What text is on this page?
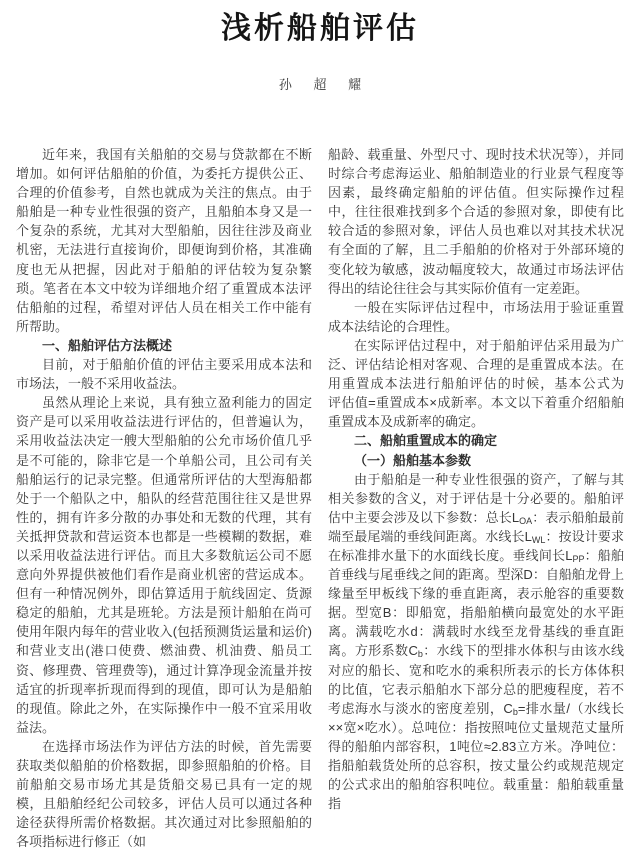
浅析船舶评估
孙 超 耀

近年来，我国有关船舶的交易与贷款都在不断增加。如何评估船舶的价值，为委托方提供公正、合理的价值参考，自然也就成为关注的焦点。由于船舶是一种专业性很强的资产，且船舶本身又是一个复杂的系统，尤其对大型船舶，因往往涉及商业机密，无法进行直接询价，即便询到价格，其准确度也无从把握，因此对于船舶的评估较为复杂繁琐。笔者在本文中较为详细地介绍了重置成本法评估船舶的过程，希望对评估人员在相关工作中能有所帮助。

一、船舶评估方法概述

目前，对于船舶价值的评估主要采用成本法和市场法，一般不采用收益法。

虽然从理论上来说，具有独立盈利能力的固定资产是可以采用收益法进行评估的，但普遍认为，采用收益法决定一艘大型船舶的公允市场价值几乎是不可能的，除非它是一个单船公司，且公司有关船舶运行的记录完整。但通常所评估的大型海船都处于一个船队之中，船队的经营范围往往又是世界性的，拥有许多分散的办事处和无数的代理，其有关抵押贷款和营运资本也都是一些模糊的数据，难以采用收益法进行评估。而且大多数航运公司不愿意向外界提供被他们看作是商业机密的营运成本。但有一种情况例外，即估算适用于航线固定、货源稳定的船舶，尤其是班轮。方法是预计船舶在尚可使用年限内每年的营业收入(包括预测货运量和运价)和营业支出(港口使费、燃油费、机油费、船员工资、修理费、管理费等)，通过计算净现金流量并按适宜的折现率折现而得到的现值，即可认为是船舶的现值。除此之外，在实际操作中一般不宜采用收益法。

在选择市场法作为评估方法的时候，首先需要获取类似船舶的价格数据，即参照船舶的价格。目前船舶交易市场尤其是货船交易已具有一定的规模，且船舶经纪公司较多，评估人员可以通过各种途径获得所需价格数据。其次通过对比参照船舶的各项指标进行修正（如

船龄、载重量、外型尺寸、现时技术状况等），并同时综合考虑海运业、船舶制造业的行业景气程度等因素，最终确定船舶的评估值。但实际操作过程中，往往很难找到多个合适的参照对象，即使有比较合适的参照对象，评估人员也难以对其技术状况有全面的了解，且二手船舶的价格对于外部环境的变化较为敏感，波动幅度较大，故通过市场法评估得出的结论往往会与其实际价值有一定差距。

一般在实际评估过程中，市场法用于验证重置成本法结论的合理性。

在实际评估过程中，对于船舶评估采用最为广泛、评估结论相对客观、合理的是重置成本法。在用重置成本法进行船舶评估的时候，基本公式为　评估值=重置成本×成新率。本文以下着重介绍船舶重置成本及成新率的确定。

二、船舶重置成本的确定

（一）船舶基本参数

由于船舶是一种专业性很强的资产，了解与其相关参数的含义，对于评估是十分必要的。船舶评估中主要会涉及以下参数：总长$L_{OA}$：表示船舶最前端至最尾端的垂线间距离。水线长$L_{WL}$：按设计要求在标准排水量下的水面线长度。垂线间长$L_{PP}$：船舶首垂线与尾垂线之间的距离。型深D：自船舶龙骨上缘量至甲板线下缘的垂直距离，表示舱容的重要数据。型宽B：即船宽，指船舶横向最宽处的水平距离。满载吃水d：满载时水线至龙骨基线的垂直距离。方形系数$C_b$：水线下的型排水体积与由该水线对应的船长、宽和吃水的乘积所表示的长方体体积的比值，它表示船舶水下部分总的肥瘦程度，若不考虑海水与淡水的密度差别，$C_b=$排水量/（水线长××宽×吃水）。总吨位：指按照吨位丈量规范丈量所得的船舶内部容积，1吨位≈2.83立方米。净吨位：指船舶载货处所的总容积，按丈量公约或规范规定的公式求出的船舶容积吨位。载重量：船舶载重量指
